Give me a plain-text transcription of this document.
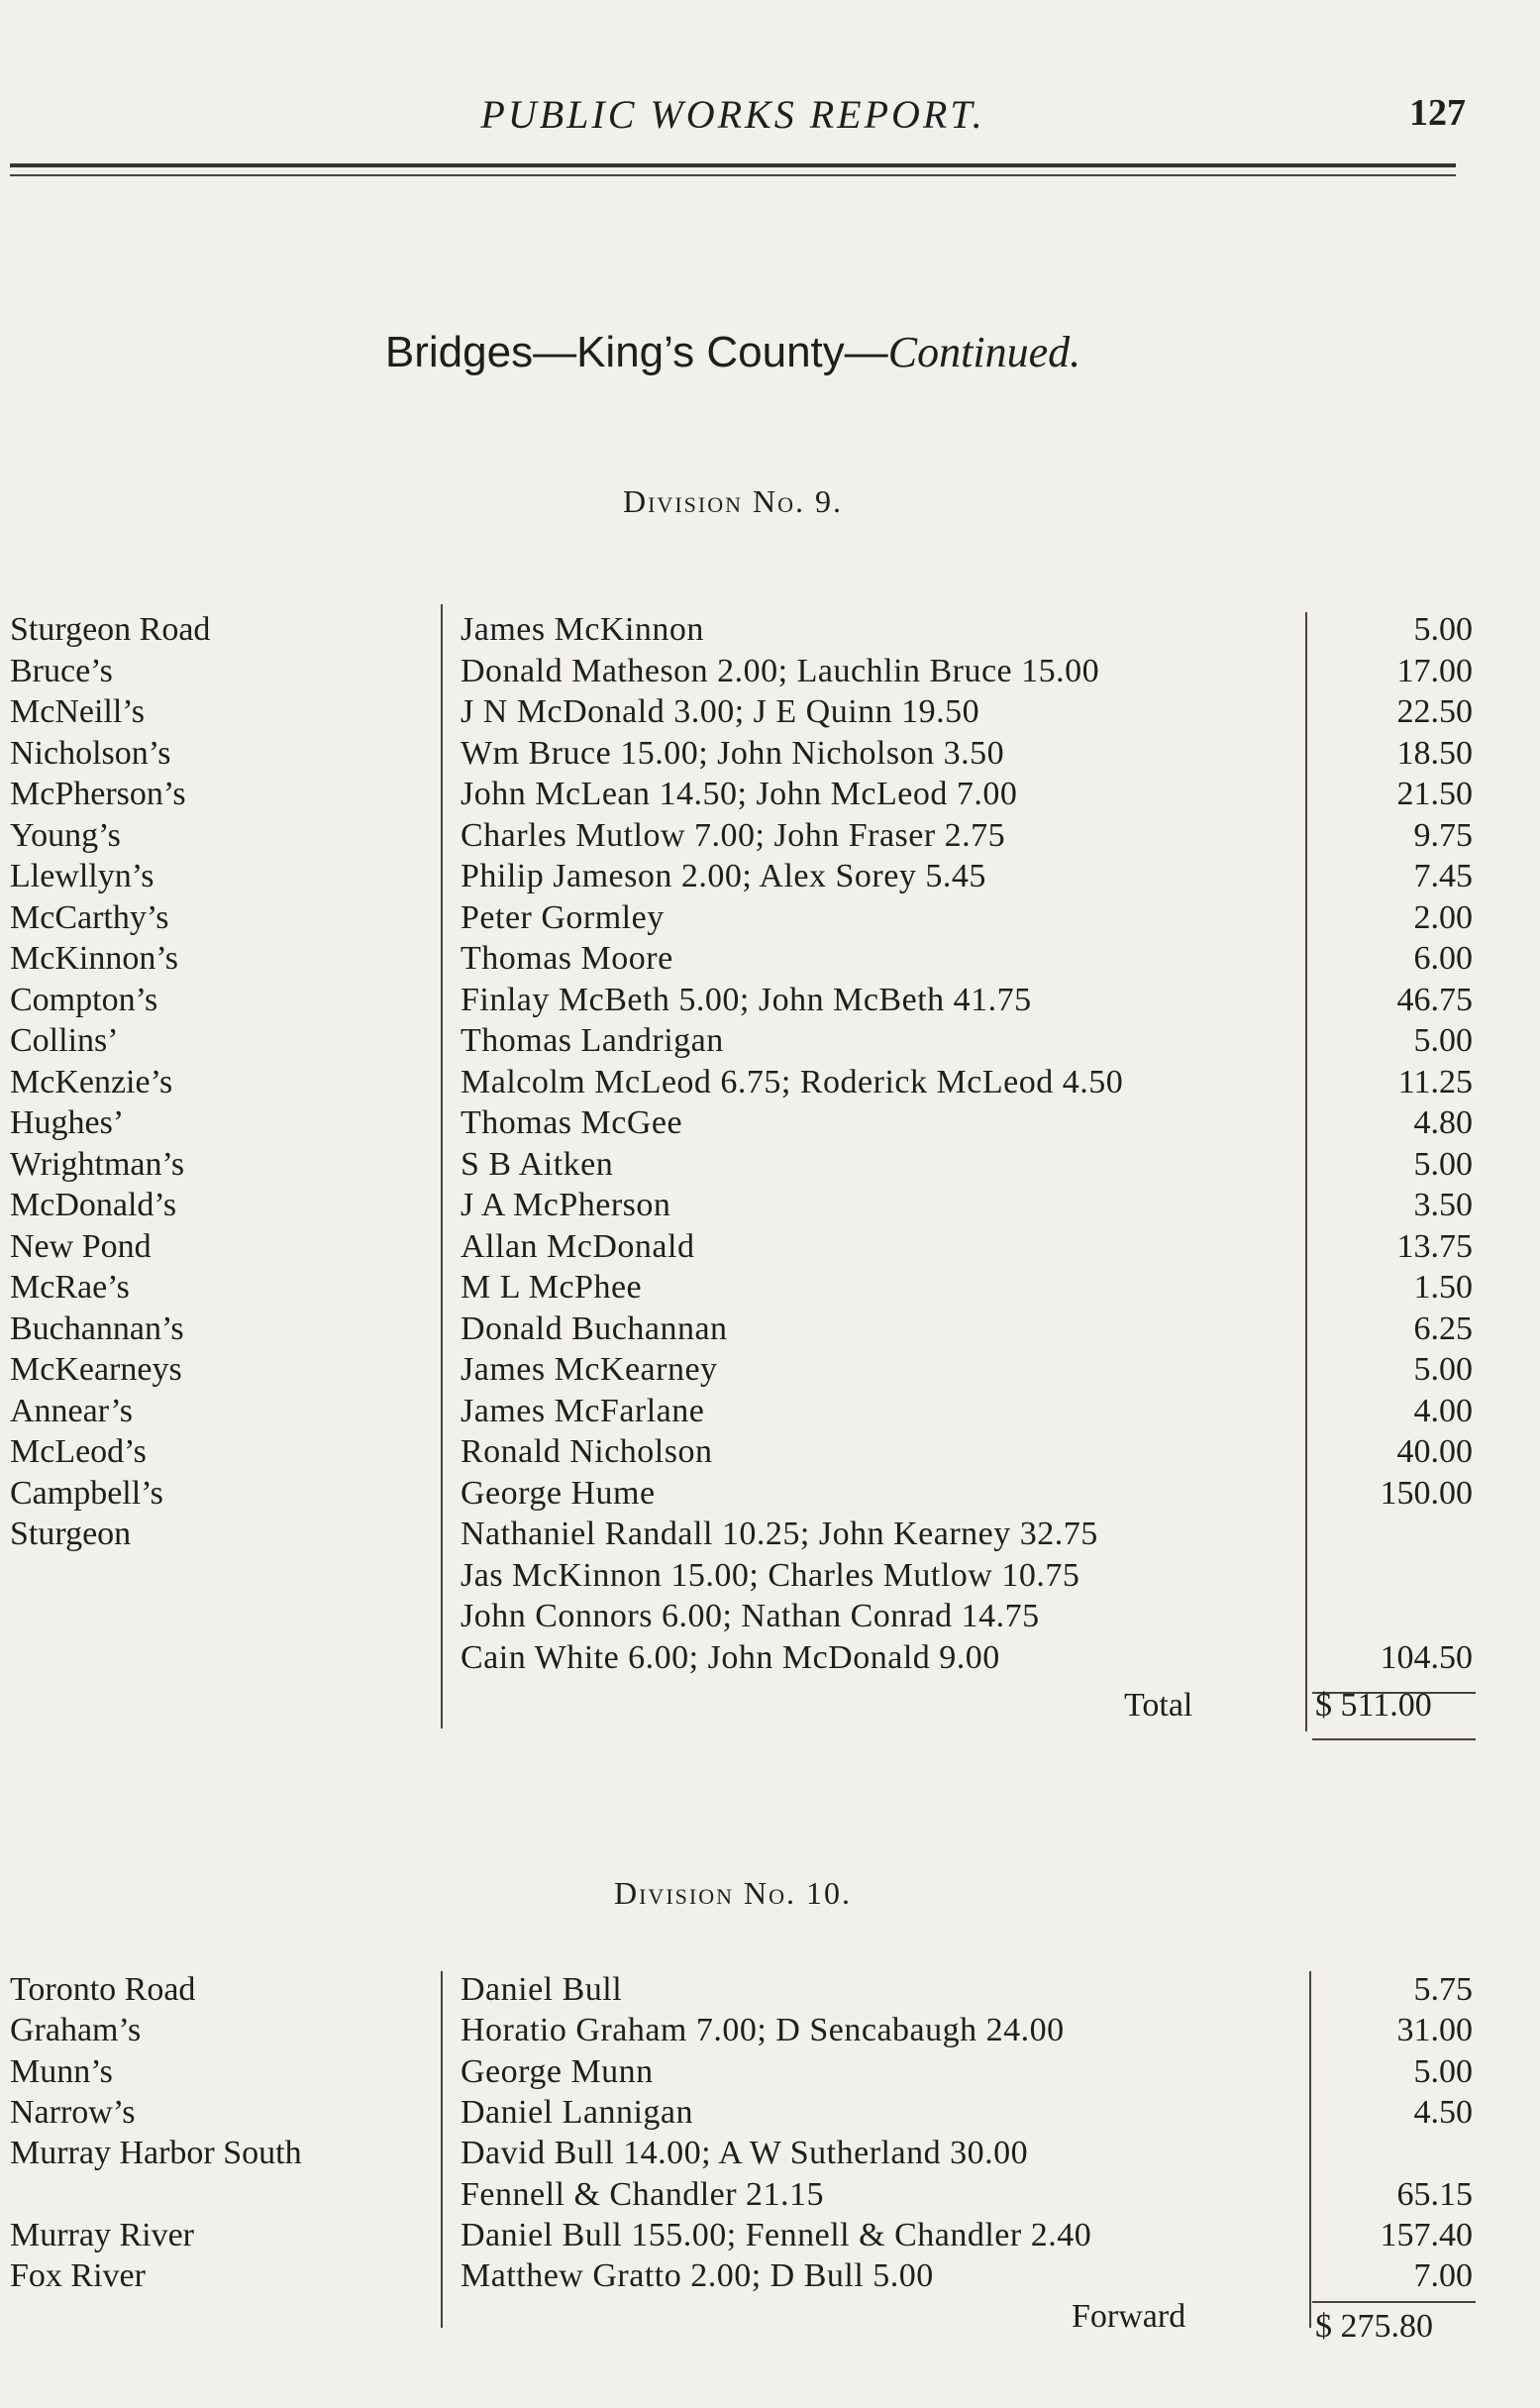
PUBLIC WORKS REPORT.	127
Bridges—King’s County—Continued.
Division No. 9.
Sturgeon Road	James McKinnon	5.00
Bruce’s	Donald Matheson 2.00; Lauchlin Bruce 15.00	17.00
McNeill’s	J N McDonald 3.00; J E Quinn 19.50	22.50
Nicholson’s	Wm Bruce 15.00; John Nicholson 3.50	18.50
McPherson’s	John McLean 14.50; John McLeod 7.00	21.50
Young’s	Charles Mutlow 7.00; John Fraser 2.75	9.75
Llewllyn’s	Philip Jameson 2.00; Alex Sorey 5.45	7.45
McCarthy’s	Peter Gormley	2.00
McKinnon’s	Thomas Moore	6.00
Compton’s	Finlay McBeth 5.00; John McBeth 41.75	46.75
Collins’	Thomas Landrigan	5.00
McKenzie’s	Malcolm McLeod 6.75; Roderick McLeod 4.50	11.25
Hughes’	Thomas McGee	4.80
Wrightman’s	S B Aitken	5.00
McDonald’s	J A McPherson	3.50
New Pond	Allan McDonald	13.75
McRae’s	M L McPhee	1.50
Buchannan’s	Donald Buchannan	6.25
McKearneys	James McKearney	5.00
Annear’s	James McFarlane	4.00
McLeod’s	Ronald Nicholson	40.00
Campbell’s	George Hume	150.00
Sturgeon	Nathaniel Randall 10.25; John Kearney 32.75
Jas McKinnon 15.00; Charles Mutlow 10.75
John Connors 6.00; Nathan Conrad 14.75
Cain White 6.00; John McDonald 9.00	104.50
Total	$ 511.00
Division No. 10.
Toronto Road	Daniel Bull	5.75
Graham’s	Horatio Graham 7.00; D Sencabaugh 24.00	31.00
Munn’s	George Munn	5.00
Narrow’s	Daniel Lannigan	4.50
Murray Harbor South	David Bull 14.00; A W Sutherland 30.00
Fennell & Chandler 21.15	65.15
Murray River	Daniel Bull 155.00; Fennell & Chandler 2.40	157.40
Fox River	Matthew Gratto 2.00; D Bull 5.00	7.00
Forward	$ 275.80
